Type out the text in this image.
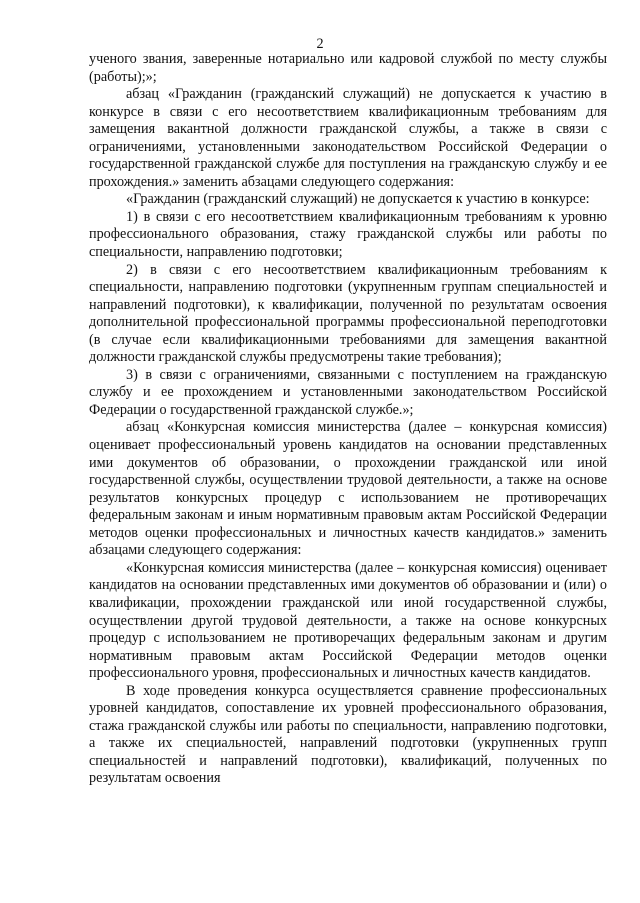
2

ученого звания, заверенные нотариально или кадровой службой по месту службы (работы);»;

абзац «Гражданин (гражданский служащий) не допускается к участию в конкурсе в связи с его несоответствием квалификационным требованиям для замещения вакантной должности гражданской службы, а также в связи с ограничениями, установленными законодательством Российской Федерации о государственной гражданской службе для поступления на гражданскую службу и ее прохождения.» заменить абзацами следующего содержания:

«Гражданин (гражданский служащий) не допускается к участию в конкурсе:

1) в связи с его несоответствием квалификационным требованиям к уровню профессионального образования, стажу гражданской службы или работы по специальности, направлению подготовки;

2) в связи с его несоответствием квалификационным требованиям к специальности, направлению подготовки (укрупненным группам специальностей и направлений подготовки), к квалификации, полученной по результатам освоения дополнительной профессиональной программы профессиональной переподготовки (в случае если квалификационными требованиями для замещения вакантной должности гражданской службы предусмотрены такие требования);

3) в связи с ограничениями, связанными с поступлением на гражданскую службу и ее прохождением и установленными законодательством Российской Федерации о государственной гражданской службе.»;

абзац «Конкурсная комиссия министерства (далее – конкурсная комиссия) оценивает профессиональный уровень кандидатов на основании представленных ими документов об образовании, о прохождении гражданской или иной государственной службы, осуществлении трудовой деятельности, а также на основе результатов конкурсных процедур с использованием не противоречащих федеральным законам и иным нормативным правовым актам Российской Федерации методов оценки профессиональных и личностных качеств кандидатов.» заменить абзацами следующего содержания:

«Конкурсная комиссия министерства (далее – конкурсная комиссия) оценивает кандидатов на основании представленных ими документов об образовании и (или) о квалификации, прохождении гражданской или иной государственной службы, осуществлении другой трудовой деятельности, а также на основе конкурсных процедур с использованием не противоречащих федеральным законам и другим нормативным правовым актам Российской Федерации методов оценки профессионального уровня, профессиональных и личностных качеств кандидатов.

В ходе проведения конкурса осуществляется сравнение профессиональных уровней кандидатов, сопоставление их уровней профессионального образования, стажа гражданской службы или работы по специальности, направлению подготовки, а также их специальностей, направлений подготовки (укрупненных групп специальностей и направлений подготовки), квалификаций, полученных по результатам освоения
